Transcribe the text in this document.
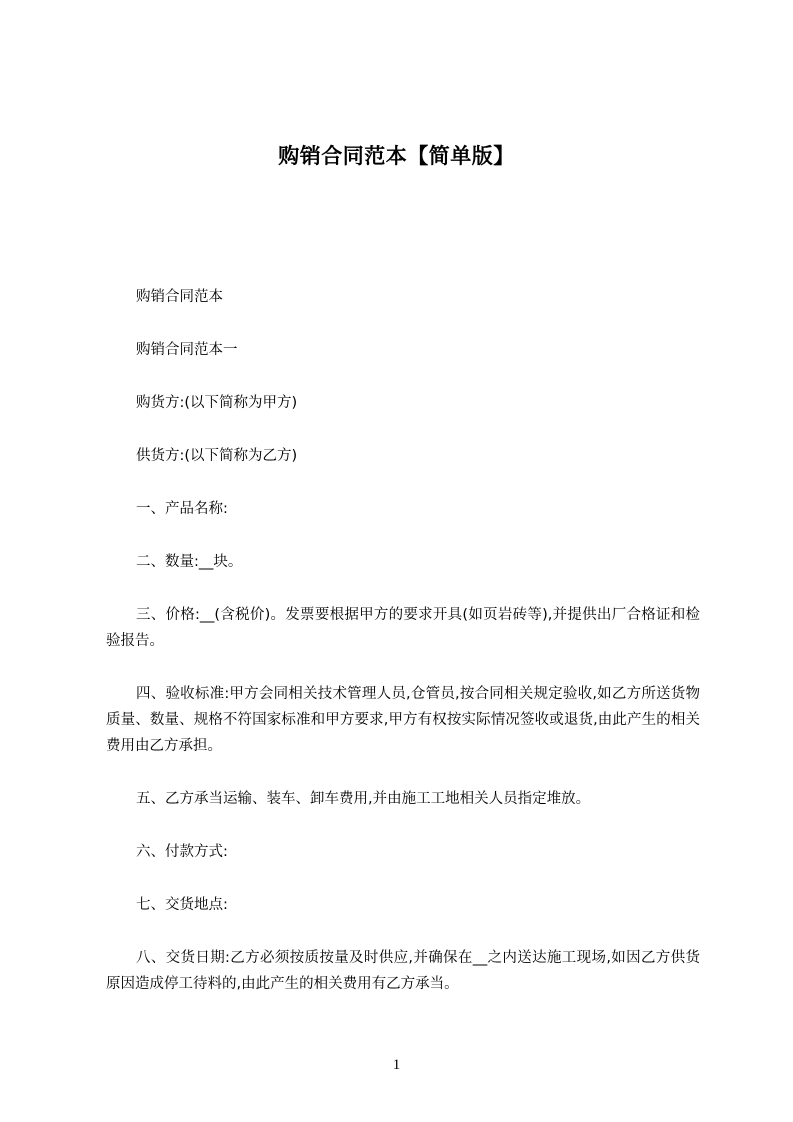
购销合同范本【简单版】

购销合同范本

购销合同范本一

购货方:(以下简称为甲方)

供货方:(以下简称为乙方)

一、产品名称:

二、数量:__块。

三、价格:__(含税价)。发票要根据甲方的要求开具(如页岩砖等),并提供出厂合格证和检验报告。

四、验收标准:甲方会同相关技术管理人员,仓管员,按合同相关规定验收,如乙方所送货物质量、数量、规格不符国家标准和甲方要求,甲方有权按实际情况签收或退货,由此产生的相关费用由乙方承担。

五、乙方承当运输、装车、卸车费用,并由施工工地相关人员指定堆放。

六、付款方式:

七、交货地点:

八、交货日期:乙方必须按质按量及时供应,并确保在__之内送达施工现场,如因乙方供货原因造成停工待料的,由此产生的相关费用有乙方承当。

1
